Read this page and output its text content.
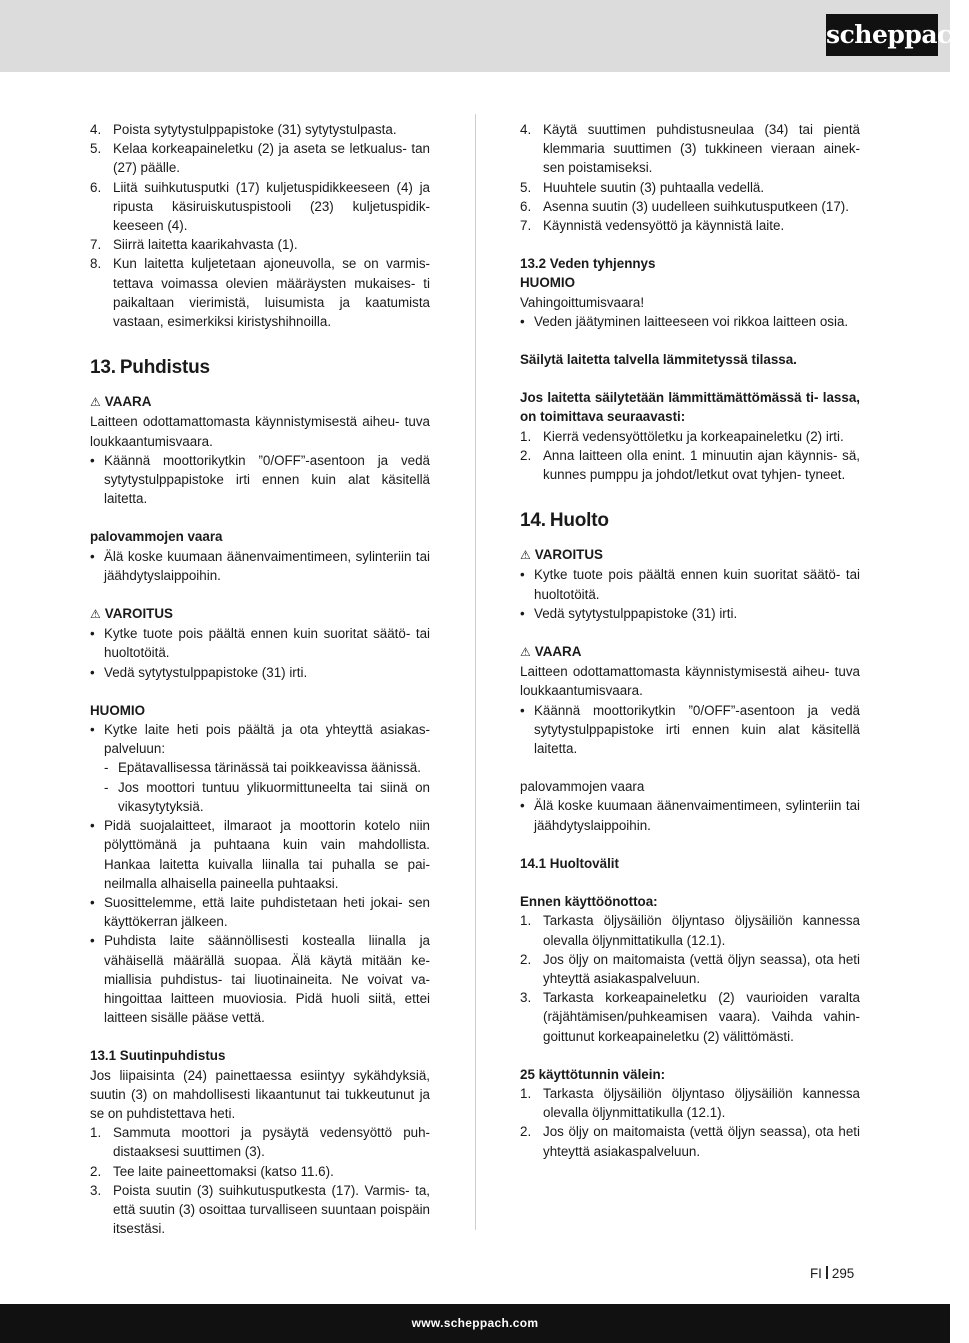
scheppach
4. Poista sytytystulppapistoke (31) sytytystulpasta.
5. Kelaa korkeapaineletku (2) ja aseta se letkualus- tan (27) päälle.
6. Liitä suihkutusputki (17) kuljetuspidikkeeseen (4) ja ripusta käsiruiskutuspistooli (23) kuljetuspidik- keeseen (4).
7. Siirrä laitetta kaarikahvasta (1).
8. Kun laitetta kuljetetaan ajoneuvolla, se on varmis- tettava voimassa olevien määräysten mukaises- ti paikaltaan vierimistä, luisumista ja kaatumista vastaan, esimerkiksi kiristyshihnoilla.
13. Puhdistus

⚠ VAARA

Laitteen odottamattomasta käynnistymisestä aiheu- tuva loukkaantumisvaara.

• Käännä moottorikytkin ”0/OFF”-asentoon ja vedä sytytystulppapistoke irti ennen kuin alat käsitellä laitetta.

palovammojen vaara

• Älä koske kuumaan äänenvaimentimeen, sylinteriin tai jäähdytyslaippoihin.

⚠ VAROITUS

• Kytke tuote pois päältä ennen kuin suoritat säätö- tai huoltotöitä.
• Vedä sytytystulppapistoke (31) irti.

HUOMIO

• Kytke laite heti pois päältä ja ota yhteyttä asiakas- palveluun:
- Epätavallisessa tärinässä tai poikkeavissa äänissä.
- Jos moottori tuntuu ylikuormittuneelta tai siinä on vikasytytyksiä.
• Pidä suojalaitteet, ilmaraot ja moottorin kotelo niin pölyttömänä ja puhtaana kuin vain mahdollista. Hankaa laitetta kuivalla liinalla tai puhalla se pai- neilmalla alhaisella paineella puhtaaksi.
• Suosittelemme, että laite puhdistetaan heti jokai- sen käyttökerran jälkeen.
• Puhdista laite säännöllisesti kostealla liinalla ja vähäisellä määrällä suopaa. Älä käytä mitään ke- miallisia puhdistus- tai liuotinaineita. Ne voivat va- hingoittaa laitteen muoviosia. Pidä huoli siitä, ettei laitteen sisälle pääse vettä.

13.1 Suutinpuhdistus

Jos liipaisinta (24) painettaessa esiintyy sykähdyksiä, suutin (3) on mahdollisesti likaantunut tai tukkeutunut ja se on puhdistettava heti.

1. Sammuta moottori ja pysäytä vedensyöttö puh- distaaksesi suuttimen (3).
2. Tee laite paineettomaksi (katso 11.6).
3. Poista suutin (3) suihkutusputkesta (17). Varmis- ta, että suutin (3) osoittaa turvalliseen suuntaan poispäin itsestäsi.
4. Käytä suuttimen puhdistusneulaa (34) tai pientä klemmaria suuttimen (3) tukkineen vieraan ainek- sen poistamiseksi.
5. Huuhtele suutin (3) puhtaalla vedellä.
6. Asenna suutin (3) uudelleen suihkutusputkeen (17).
7. Käynnistä vedensyöttö ja käynnistä laite.

13.2 Veden tyhjennys

HUOMIO

Vahingoittumisvaara!

• Veden jäätyminen laitteeseen voi rikkoa laitteen osia.

Säilytä laitetta talvella lämmitetyssä tilassa.

Jos laitetta säilytetään lämmittämättömässä ti- lassa, on toimittava seuraavasti:

1. Kierrä vedensyöttöletku ja korkeapaineletku (2) irti.
2. Anna laitteen olla enint. 1 minuutin ajan käynnis- sä, kunnes pumppu ja johdot/letkut ovat tyhjen- tyneet.
14. Huolto

⚠ VAROITUS

• Kytke tuote pois päältä ennen kuin suoritat säätö- tai huoltotöitä.
• Vedä sytytystulppapistoke (31) irti.

⚠ VAARA

Laitteen odottamattomasta käynnistymisestä aiheu- tuva loukkaantumisvaara.

• Käännä moottorikytkin ”0/OFF”-asentoon ja vedä sytytystulppapistoke irti ennen kuin alat käsitellä laitetta.

palovammojen vaara

• Älä koske kuumaan äänenvaimentimeen, sylinteriin tai jäähdytyslaippoihin.

14.1 Huoltovälit

Ennen käyttöönottoa:

1. Tarkasta öljysäiliön öljyntaso öljysäiliön kannessa olevalla öljynmittatikulla (12.1).
2. Jos öljy on maitomaista (vettä öljyn seassa), ota heti yhteyttä asiakaspalveluun.
3. Tarkasta korkeapaineletku (2) vaurioiden varalta (räjähtämisen/puhkeamisen vaara). Vaihda vahin- goittunut korkeapaineletku (2) välittömästi.

25 käyttötunnin välein:

1. Tarkasta öljysäiliön öljyntaso öljysäiliön kannessa olevalla öljynmittatikulla (12.1).
2. Jos öljy on maitomaista (vettä öljyn seassa), ota heti yhteyttä asiakaspalveluun.
FI 295
www.scheppach.com
